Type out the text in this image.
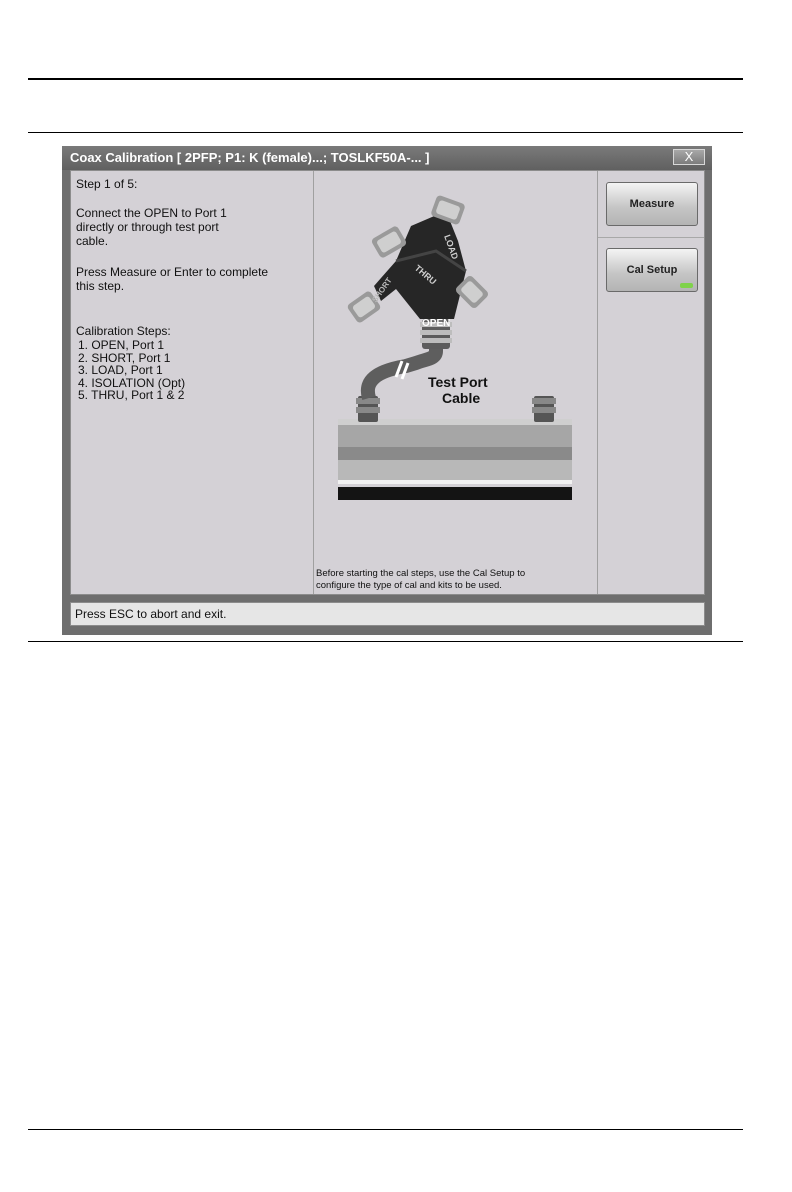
Coax Calibration [ 2PFP; P1: K (female)...; TOSLKF50A-... ]	X
Step 1 of 5:
Connect the OPEN to Port 1
directly or through test port
cable.
Press Measure or Enter to complete
this step.
Calibration Steps:
1. OPEN, Port 1
2. SHORT, Port 1
3. LOAD, Port 1
4. ISOLATION (Opt)
5. THRU, Port 1 & 2
LOAD
THRU
SHORT
OPEN
Test Port
Cable
Before starting the cal steps, use the Cal Setup to
configure the type of cal and kits to be used.
Measure
Cal Setup
Press ESC to abort and exit.
